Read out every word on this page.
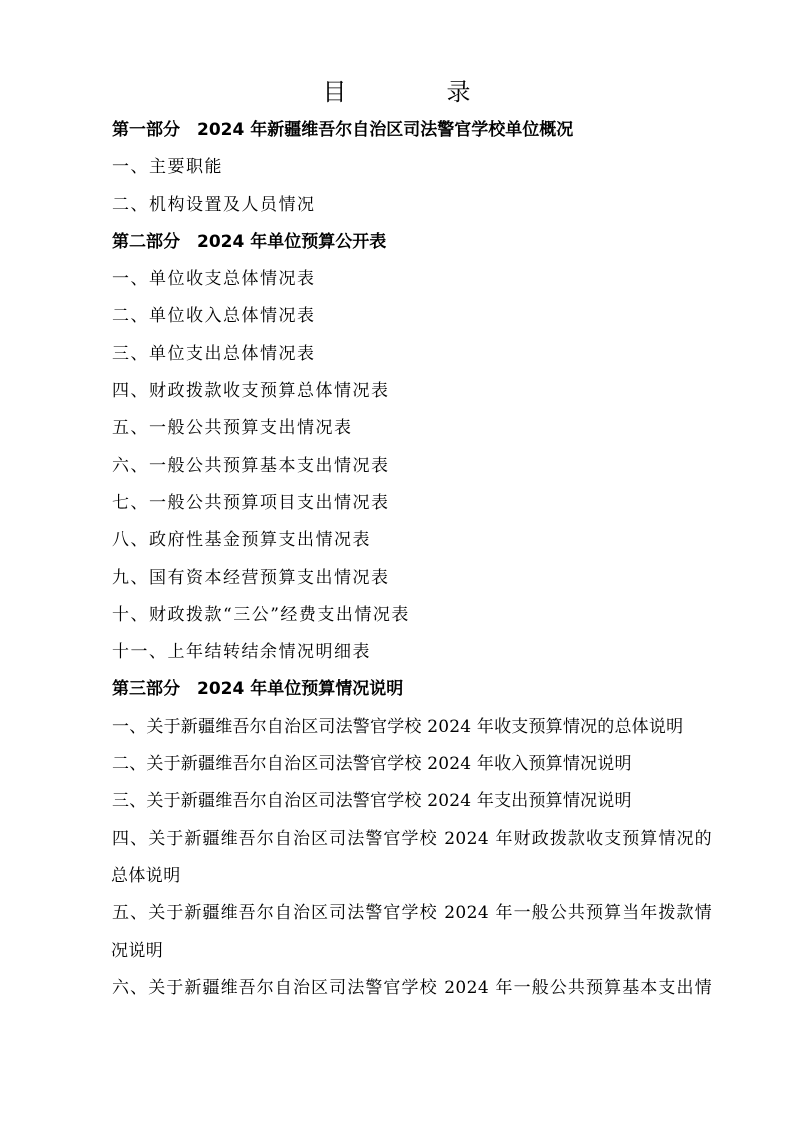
目　录
第一部分　2024 年新疆维吾尔自治区司法警官学校单位概况
一、主要职能
二、机构设置及人员情况
第二部分　2024 年单位预算公开表
一、单位收支总体情况表
二、单位收入总体情况表
三、单位支出总体情况表
四、财政拨款收支预算总体情况表
五、一般公共预算支出情况表
六、一般公共预算基本支出情况表
七、一般公共预算项目支出情况表
八、政府性基金预算支出情况表
九、国有资本经营预算支出情况表
十、财政拨款“三公”经费支出情况表
十一、上年结转结余情况明细表
第三部分　2024 年单位预算情况说明
一、关于新疆维吾尔自治区司法警官学校 2024 年收支预算情况的总体说明
二、关于新疆维吾尔自治区司法警官学校 2024 年收入预算情况说明
三、关于新疆维吾尔自治区司法警官学校 2024 年支出预算情况说明
四、关于新疆维吾尔自治区司法警官学校 2024 年财政拨款收支预算情况的
总体说明
五、关于新疆维吾尔自治区司法警官学校 2024 年一般公共预算当年拨款情
况说明
六、关于新疆维吾尔自治区司法警官学校 2024 年一般公共预算基本支出情
